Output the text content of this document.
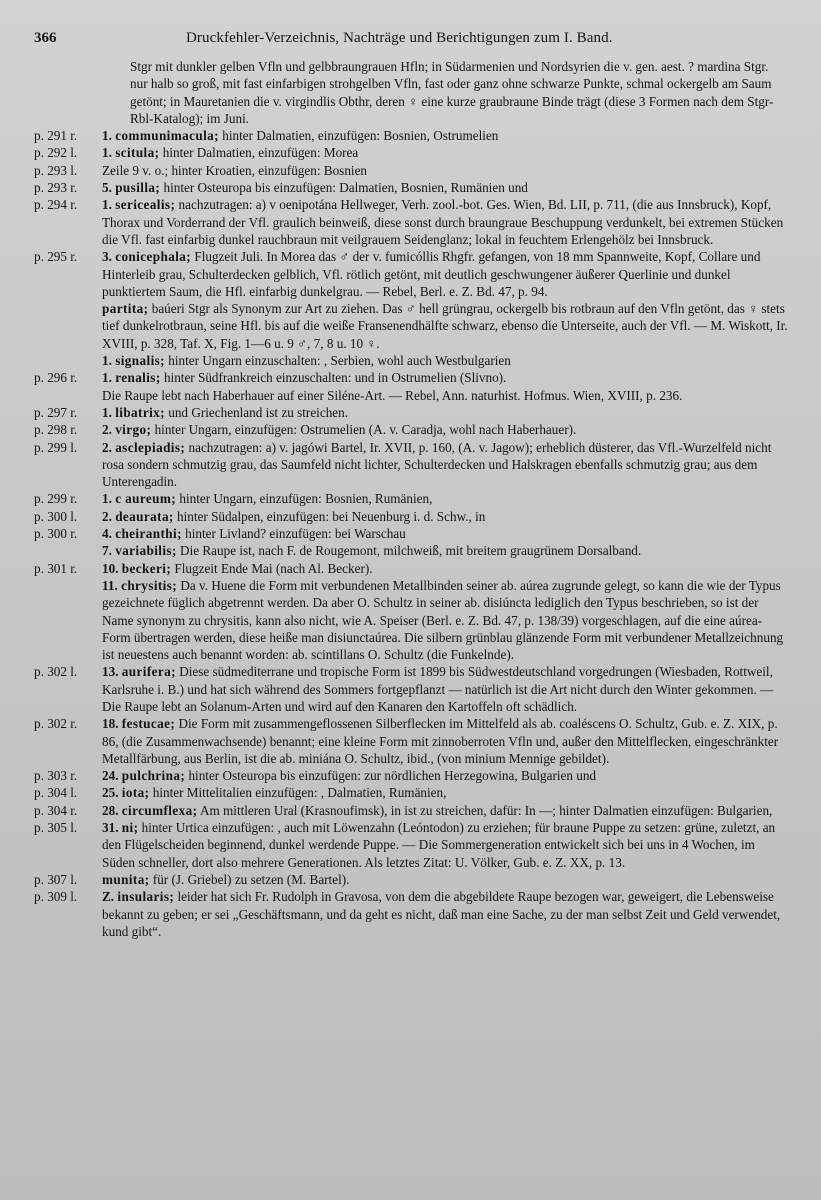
366	Druckfehler-Verzeichnis, Nachträge und Berichtigungen zum I. Band.

Stgr mit dunkler gelben Vfln und gelbbraungrauen Hfln; in Südarmenien und Nordsyrien die v. gen. aest. ? mardina Stgr. nur halb so groß, mit fast einfarbigen strohgelben Vfln, fast oder ganz ohne schwarze Punkte, schmal ockergelb am Saum getönt; in Mauretanien die v. virgindlis Obthr, deren ♀ eine kurze graubraune Binde trägt (diese 3 Formen nach dem Stgr-Rbl-Katalog); im Juni.

p. 291 r.	1. communimacula; hinter Dalmatien, einzufügen: Bosnien, Ostrumelien
p. 292 l.	1. scitula; hinter Dalmatien, einzufügen: Morea
p. 293 l.	Zeile 9 v. o.; hinter Kroatien, einzufügen: Bosnien
p. 293 r.	5. pusilla; hinter Osteuropa bis einzufügen: Dalmatien, Bosnien, Rumänien und
p. 294 r.	1. sericealis; nachzutragen: a) v oenipotána Hellweger, Verh. zool.-bot. Ges. Wien, Bd. LII, p. 711, (die aus Innsbruck), Kopf, Thorax und Vorderrand der Vfl. graulich beinweiß, diese sonst durch braungraue Beschuppung verdunkelt, bei extremen Stücken die Vfl. fast einfarbig dunkel rauchbraun mit veilgrauem Seidenglanz; lokal in feuchtem Erlengehölz bei Innsbruck.
p. 295 r.	3. conicephala; Flugzeit Juli. In Morea das ♂ der v. fumicóllis Rhgfr. gefangen, von 18 mm Spannweite, Kopf, Collare und Hinterleib grau, Schulterdecken gelblich, Vfl. rötlich getönt, mit deutlich geschwungener äußerer Querlinie und dunkel punktiertem Saum, die Hfl. einfarbig dunkelgrau. — Rebel, Berl. e. Z. Bd. 47, p. 94.
partita; baúeri Stgr als Synonym zur Art zu ziehen. Das ♂ hell grüngrau, ockergelb bis rotbraun auf den Vfln getönt, das ♀ stets tief dunkelrotbraun, seine Hfl. bis auf die weiße Fransenendhälfte schwarz, ebenso die Unterseite, auch der Vfl. — M. Wiskott, Ir. XVIII, p. 328, Taf. X, Fig. 1—6 u. 9 ♂, 7, 8 u. 10 ♀.
1. signalis; hinter Ungarn einzuschalten: , Serbien, wohl auch Westbulgarien
p. 296 r.	1. renalis; hinter Südfrankreich einzuschalten: und in Ostrumelien (Slivno).
Die Raupe lebt nach Haberhauer auf einer Siléne-Art. — Rebel, Ann. naturhist. Hofmus. Wien, XVIII, p. 236.
p. 297 r.	1. libatrix; und Griechenland ist zu streichen.
p. 298 r.	2. virgo; hinter Ungarn, einzufügen: Ostrumelien (A. v. Caradja, wohl nach Haberhauer).
p. 299 l.	2. asclepiadis; nachzutragen: a) v. jagówi Bartel, Ir. XVII, p. 160, (A. v. Jagow); erheblich düsterer, das Vfl.-Wurzelfeld nicht rosa sondern schmutzig grau, das Saumfeld nicht lichter, Schulterdecken und Halskragen ebenfalls schmutzig grau; aus dem Unterengadin.
p. 299 r.	1. c aureum; hinter Ungarn, einzufügen: Bosnien, Rumänien,
p. 300 l.	2. deaurata; hinter Südalpen, einzufügen: bei Neuenburg i. d. Schw., in
p. 300 r.	4. cheiranthi; hinter Livland? einzufügen: bei Warschau
7. variabilis; Die Raupe ist, nach F. de Rougemont, milchweiß, mit breitem graugrünem Dorsalband.
p. 301 r.	10. beckeri; Flugzeit Ende Mai (nach Al. Becker).
11. chrysitis; Da v. Huene die Form mit verbundenen Metallbinden seiner ab. aúrea zugrunde gelegt, so kann die wie der Typus gezeichnete füglich abgetrennt werden. Da aber O. Schultz in seiner ab. disiúncta lediglich den Typus beschrieben, so ist der Name synonym zu chrysitis, kann also nicht, wie A. Speiser (Berl. e. Z. Bd. 47, p. 138/39) vorgeschlagen, auf die eine aúrea-Form übertragen werden, diese heiße man disiunctaúrea. Die silbern grünblau glänzende Form mit verbundener Metallzeichnung ist neuestens auch benannt worden: ab. scintillans O. Schultz (die Funkelnde).
p. 302 l.	13. aurifera; Diese südmediterrane und tropische Form ist 1899 bis Südwestdeutschland vorgedrungen (Wiesbaden, Rottweil, Karlsruhe i. B.) und hat sich während des Sommers fortgepflanzt — natürlich ist die Art nicht durch den Winter gekommen. — Die Raupe lebt an Solanum-Arten und wird auf den Kanaren den Kartoffeln oft schädlich.
p. 302 r.	18. festucae; Die Form mit zusammengeflossenen Silberflecken im Mittelfeld als ab. coaléscens O. Schultz, Gub. e. Z. XIX, p. 86, (die Zusammenwachsende) benannt; eine kleine Form mit zinnoberroten Vfln und, außer den Mittelflecken, eingeschränkter Metallfärbung, aus Berlin, ist die ab. miniána O. Schultz, ibid., (von minium Mennige gebildet).
p. 303 r.	24. pulchrina; hinter Osteuropa bis einzufügen: zur nördlichen Herzegowina, Bulgarien und
p. 304 l.	25. iota; hinter Mittelitalien einzufügen: , Dalmatien, Rumänien,
p. 304 r.	28. circumflexa; Am mittleren Ural (Krasnoufimsk), in ist zu streichen, dafür: In —; hinter Dalmatien einzufügen: Bulgarien,
p. 305 l.	31. ni; hinter Urtica einzufügen: , auch mit Löwenzahn (Leóntodon) zu erziehen; für braune Puppe zu setzen: grüne, zuletzt, an den Flügelscheiden beginnend, dunkel werdende Puppe. — Die Sommergeneration entwickelt sich bei uns in 4 Wochen, im Süden schneller, dort also mehrere Generationen. Als letztes Zitat: U. Völker, Gub. e. Z. XX, p. 13.
p. 307 l.	munita; für (J. Griebel) zu setzen (M. Bartel).
p. 309 l.	Z. insularis; leider hat sich Fr. Rudolph in Gravosa, von dem die abgebildete Raupe bezogen war, geweigert, die Lebensweise bekannt zu geben; er sei „Geschäftsmann, und da geht es nicht, daß man eine Sache, zu der man selbst Zeit und Geld verwendet, kund gibt“.
